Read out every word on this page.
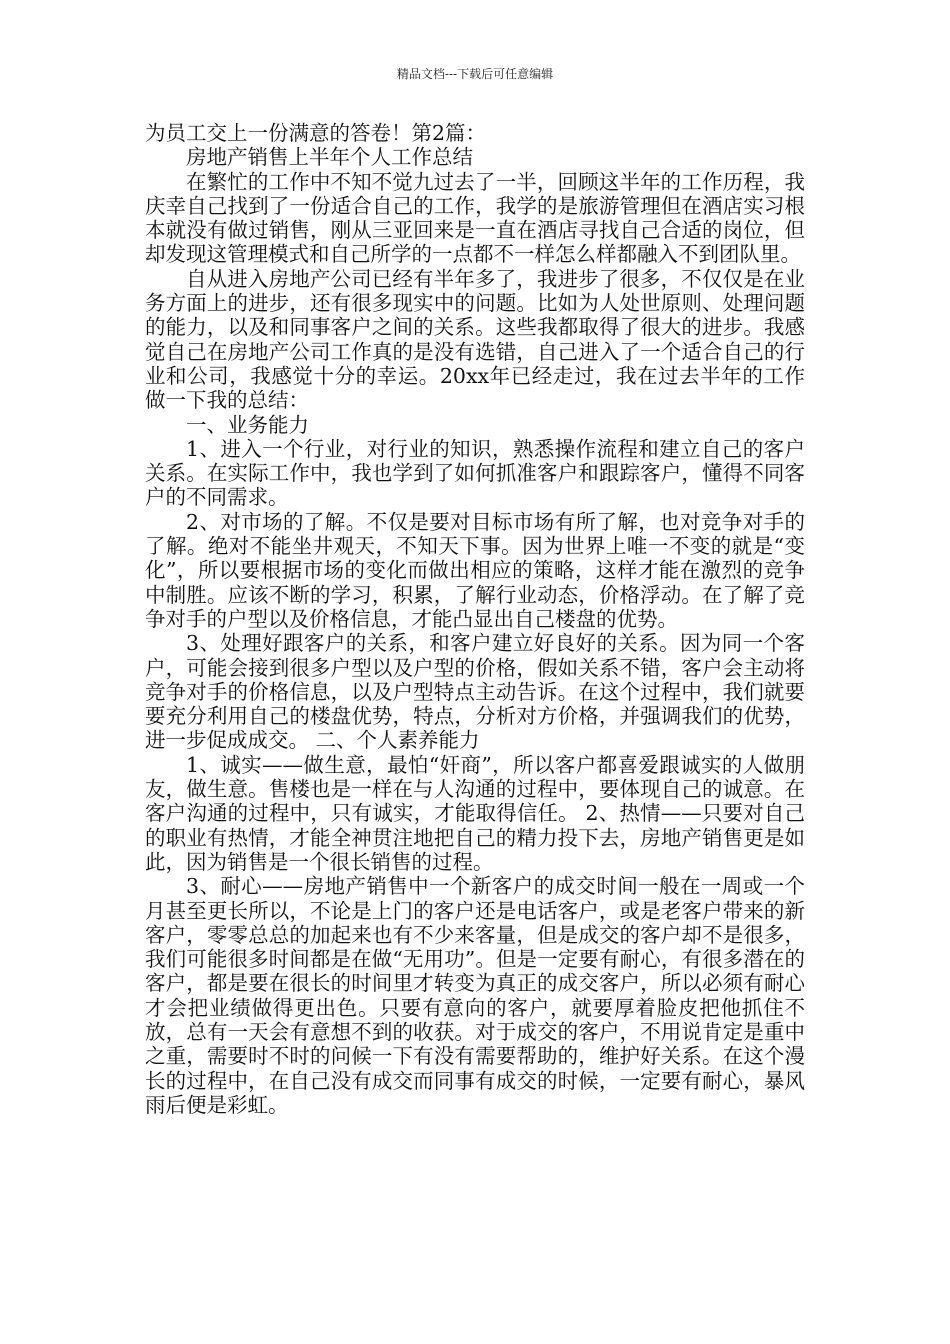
精品文档---下载后可任意编辑

为员工交上一份满意的答卷！第2篇：

房地产销售上半年个人工作总结

在繁忙的工作中不知不觉九过去了一半，回顾这半年的工作历程，我庆幸自己找到了一份适合自己的工作，我学的是旅游管理但在酒店实习根本就没有做过销售，刚从三亚回来是一直在酒店寻找自己合适的岗位，但却发现这管理模式和自己所学的一点都不一样怎么样都融入不到团队里。

自从进入房地产公司已经有半年多了，我进步了很多，不仅仅是在业务方面上的进步，还有很多现实中的问题。比如为人处世原则、处理问题的能力，以及和同事客户之间的关系。这些我都取得了很大的进步。我感觉自己在房地产公司工作真的是没有选错，自己进入了一个适合自己的行业和公司，我感觉十分的幸运。20xx年已经走过，我在过去半年的工作做一下我的总结：

一、业务能力

1、进入一个行业，对行业的知识，熟悉操作流程和建立自己的客户关系。在实际工作中，我也学到了如何抓准客户和跟踪客户，懂得不同客户的不同需求。

2、对市场的了解。不仅是要对目标市场有所了解，也对竞争对手的了解。绝对不能坐井观天，不知天下事。因为世界上唯一不变的就是“变化”，所以要根据市场的变化而做出相应的策略，这样才能在激烈的竞争中制胜。应该不断的学习，积累，了解行业动态，价格浮动。在了解了竞争对手的户型以及价格信息，才能凸显出自己楼盘的优势。

3、处理好跟客户的关系，和客户建立好良好的关系。因为同一个客户，可能会接到很多户型以及户型的价格，假如关系不错，客户会主动将竞争对手的价格信息，以及户型特点主动告诉。在这个过程中，我们就要要充分利用自己的楼盘优势，特点，分析对方价格，并强调我们的优势，进一步促成成交。 二、个人素养能力

1、诚实——做生意，最怕“奸商”，所以客户都喜爱跟诚实的人做朋友，做生意。售楼也是一样在与人沟通的过程中，要体现自己的诚意。在客户沟通的过程中，只有诚实，才能取得信任。 2、热情——只要对自己的职业有热情，才能全神贯注地把自己的精力投下去，房地产销售更是如此，因为销售是一个很长销售的过程。

3、耐心——房地产销售中一个新客户的成交时间一般在一周或一个月甚至更长所以，不论是上门的客户还是电话客户，或是老客户带来的新客户，零零总总的加起来也有不少来客量，但是成交的客户却不是很多，我们可能很多时间都是在做“无用功”。但是一定要有耐心，有很多潜在的客户，都是要在很长的时间里才转变为真正的成交客户，所以必须有耐心才会把业绩做得更出色。只要有意向的客户，就要厚着脸皮把他抓住不放，总有一天会有意想不到的收获。对于成交的客户，不用说肯定是重中之重，需要时不时的问候一下有没有需要帮助的，维护好关系。在这个漫长的过程中，在自己没有成交而同事有成交的时候，一定要有耐心，暴风雨后便是彩虹。
